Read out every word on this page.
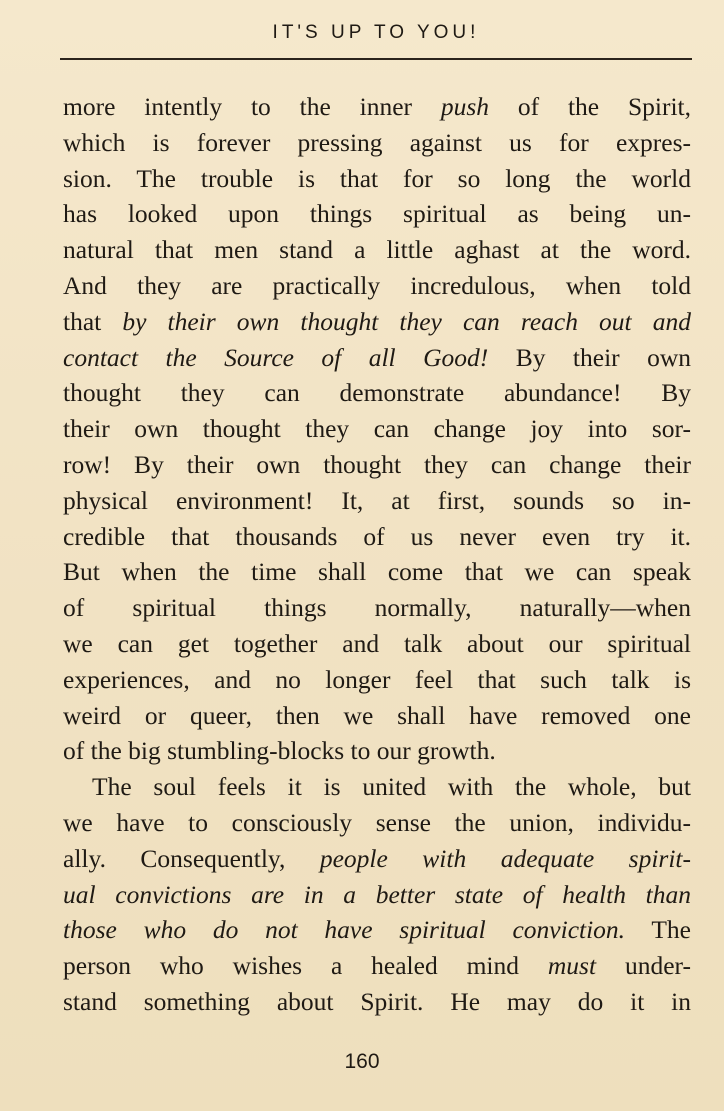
IT'S UP TO YOU!
more intently to the inner push of the Spirit,
which is forever pressing against us for expres-
sion. The trouble is that for so long the world
has looked upon things spiritual as being un-
natural that men stand a little aghast at the word.
And they are practically incredulous, when told
that by their own thought they can reach out and
contact the Source of all Good! By their own
thought they can demonstrate abundance! By
their own thought they can change joy into sor-
row! By their own thought they can change their
physical environment! It, at first, sounds so in-
credible that thousands of us never even try it.
But when the time shall come that we can speak
of spiritual things normally, naturally—when
we can get together and talk about our spiritual
experiences, and no longer feel that such talk is
weird or queer, then we shall have removed one
of the big stumbling-blocks to our growth.
The soul feels it is united with the whole, but
we have to consciously sense the union, individu-
ally. Consequently, people with adequate spirit-
ual convictions are in a better state of health than
those who do not have spiritual conviction. The
person who wishes a healed mind must under-
stand something about Spirit. He may do it in
160
